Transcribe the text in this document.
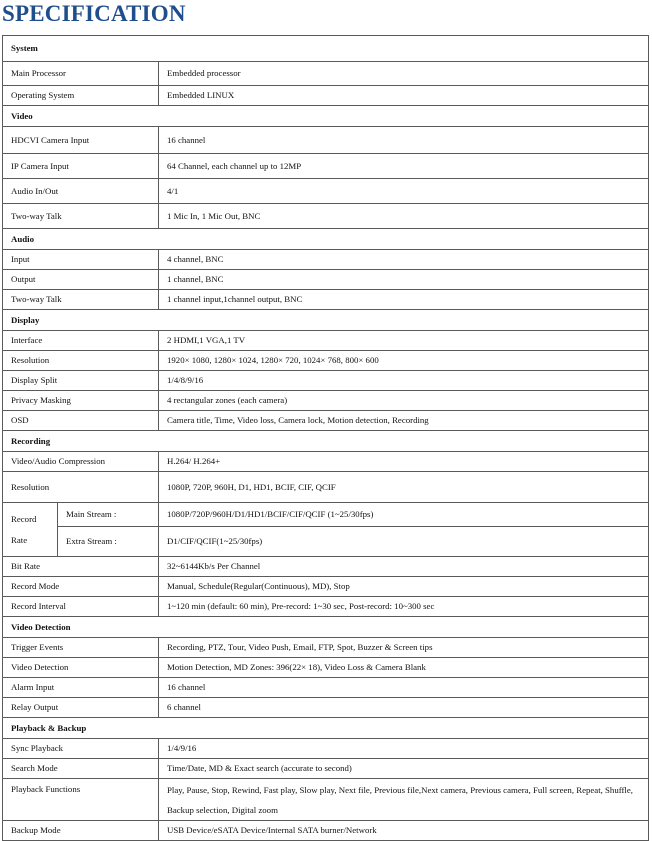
SPECIFICATION
System		
Main Processor		Embedded processor
Operating System		Embedded LINUX
Video		
HDCVI Camera Input		16 channel
IP Camera Input		64 Channel, each channel up to 12MP
Audio In/Out		4/1
Two-way Talk		1 Mic In, 1 Mic Out, BNC
Audio		
Input		4 channel, BNC
Output		1 channel, BNC
Two-way Talk		1 channel input,1channel output, BNC
Display		
Interface		2 HDMI,1 VGA,1 TV
Resolution		1920× 1080, 1280× 1024, 1280× 720, 1024× 768, 800× 600
Display Split		1/4/8/9/16
Privacy Masking		4 rectangular zones (each camera)
OSD		Camera title, Time, Video loss, Camera lock, Motion detection, Recording
Recording		
Video/Audio Compression		H.264/ H.264+
Resolution		1080P, 720P, 960H, D1, HD1, BCIF, CIF, QCIF

Record
Rate	Main Stream :	1080P/720P/960H/D1/HD1/BCIF/CIF/QCIF (1~25/30fps)
	Extra Stream :	D1/CIF/QCIF(1~25/30fps)
Bit Rate		32~6144Kb/s Per Channel
Record Mode		Manual, Schedule(Regular(Continuous), MD), Stop
Record Interval		1~120 min (default: 60 min), Pre-record: 1~30 sec, Post-record: 10~300 sec
Video Detection		
Trigger Events		Recording, PTZ, Tour, Video Push, Email, FTP, Spot, Buzzer & Screen tips
Video Detection		Motion Detection, MD Zones: 396(22× 18), Video Loss & Camera Blank
Alarm Input		16 channel
Relay Output		6 channel
Playback & Backup		
Sync Playback		1/4/9/16
Search Mode		Time/Date, MD & Exact search (accurate to second)
Playback Functions		Play, Pause, Stop, Rewind, Fast play, Slow play, Next file, Previous file,Next camera, Previous camera, Full screen, Repeat, Shuffle, Backup selection, Digital zoom
Backup Mode		USB Device/eSATA Device/Internal SATA burner/Network
